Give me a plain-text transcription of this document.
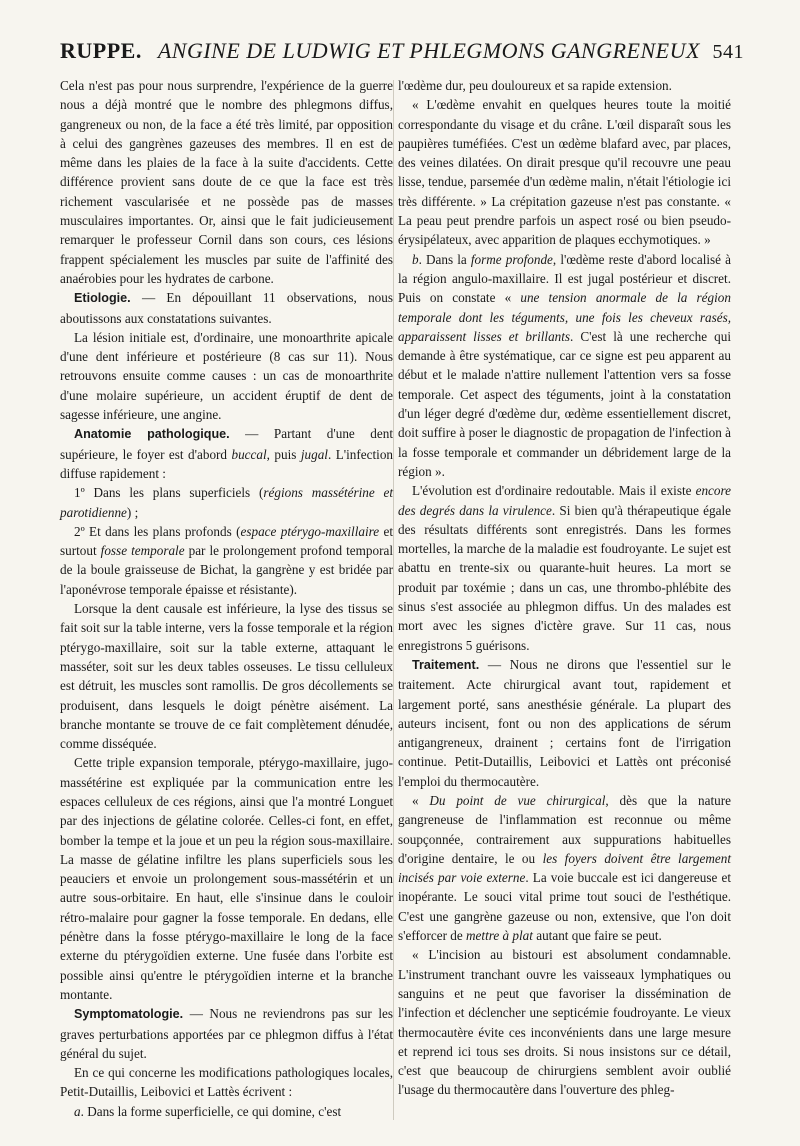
RUPPE.
ANGINE DE LUDWIG ET PHLEGMONS GANGRENEUX 541

Cela n'est pas pour nous surprendre, l'expérience de la guerre nous a déjà montré que le nombre des phlegmons diffus, gangreneux ou non, de la face a été très limité, par opposition à celui des gangrènes gazeuses des membres. Il en est de même dans les plaies de la face à la suite d'accidents. Cette différence provient sans doute de ce que la face est très richement vascularisée et ne possède pas de masses musculaires importantes. Or, ainsi que le fait judicieusement remarquer le professeur Cornil dans son cours, ces lésions frappent spécialement les muscles par suite de l'affinité des anaérobies pour les hydrates de carbone.

Etiologie. — En dépouillant 11 observations, nous aboutissons aux constatations suivantes.

La lésion initiale est, d'ordinaire, une monoarthrite apicale d'une dent inférieure et postérieure (8 cas sur 11). Nous retrouvons ensuite comme causes : un cas de monoarthrite d'une molaire supérieure, un accident éruptif de dent de sagesse inférieure, une angine.

Anatomie pathologique. — Partant d'une dent supérieure, le foyer est d'abord buccal, puis jugal. L'infection diffuse rapidement :

1º Dans les plans superficiels (régions massétérine et parotidienne) ;

2º Et dans les plans profonds (espace ptérygo-maxillaire et surtout fosse temporale par le prolongement profond temporal de la boule graisseuse de Bichat, la gangrène y est bridée par l'aponévrose temporale épaisse et résistante).

Lorsque la dent causale est inférieure, la lyse des tissus se fait soit sur la table interne, vers la fosse temporale et la région ptérygo-maxillaire, soit sur la table externe, attaquant le masséter, soit sur les deux tables osseuses. Le tissu celluleux est détruit, les muscles sont ramollis. De gros décollements se produisent, dans lesquels le doigt pénètre aisément. La branche montante se trouve de ce fait complètement dénudée, comme disséquée.

Cette triple expansion temporale, ptérygo-maxillaire, jugo-massétérine est expliquée par la communication entre les espaces celluleux de ces régions, ainsi que l'a montré Longuet par des injections de gélatine colorée. Celles-ci font, en effet, bomber la tempe et la joue et un peu la région sous-maxillaire. La masse de gélatine infiltre les plans superficiels sous les peauciers et envoie un prolongement sous-massétérin et un autre sous-orbitaire. En haut, elle s'insinue dans le couloir rétro-malaire pour gagner la fosse temporale. En dedans, elle pénètre dans la fosse ptérygo-maxillaire le long de la face externe du ptérygoïdien externe. Une fusée dans l'orbite est possible ainsi qu'entre le ptérygoïdien interne et la branche montante.

Symptomatologie. — Nous ne reviendrons pas sur les graves perturbations apportées par ce phlegmon diffus à l'état général du sujet.

En ce qui concerne les modifications pathologiques locales, Petit-Dutaillis, Leibovici et Lattès écrivent :

a. Dans la forme superficielle, ce qui domine, c'est

l'œdème dur, peu douloureux et sa rapide extension.

« L'œdème envahit en quelques heures toute la moitié correspondante du visage et du crâne. L'œil disparaît sous les paupières tuméfiées. C'est un œdème blafard avec, par places, des veines dilatées. On dirait presque qu'il recouvre une peau lisse, tendue, parsemée d'un œdème malin, n'était l'étiologie ici très différente. » La crépitation gazeuse n'est pas constante. « La peau peut prendre parfois un aspect rosé ou bien pseudo-érysipélateux, avec apparition de plaques ecchymotiques. »

b. Dans la forme profonde, l'œdème reste d'abord localisé à la région angulo-maxillaire. Il est jugal postérieur et discret. Puis on constate « une tension anormale de la région temporale dont les téguments, une fois les cheveux rasés, apparaissent lisses et brillants. C'est là une recherche qui demande à être systématique, car ce signe est peu apparent au début et le malade n'attire nullement l'attention vers sa fosse temporale. Cet aspect des téguments, joint à la constatation d'un léger degré d'œdème dur, œdème essentiellement discret, doit suffire à poser le diagnostic de propagation de l'infection à la fosse temporale et commander un débridement large de la région ».

L'évolution est d'ordinaire redoutable. Mais il existe encore des degrés dans la virulence. Si bien qu'à thérapeutique égale des résultats différents sont enregistrés. Dans les formes mortelles, la marche de la maladie est foudroyante. Le sujet est abattu en trente-six ou quarante-huit heures. La mort se produit par toxémie ; dans un cas, une thrombo-phlébite des sinus s'est associée au phlegmon diffus. Un des malades est mort avec les signes d'ictère grave. Sur 11 cas, nous enregistrons 5 guérisons.

Traitement. — Nous ne dirons que l'essentiel sur le traitement. Acte chirurgical avant tout, rapidement et largement porté, sans anesthésie générale. La plupart des auteurs incisent, font ou non des applications de sérum antigangreneux, drainent ; certains font de l'irrigation continue. Petit-Dutaillis, Leibovici et Lattès ont préconisé l'emploi du thermocautère.

« Du point de vue chirurgical, dès que la nature gangreneuse de l'inflammation est reconnue ou même soupçonnée, contrairement aux suppurations habituelles d'origine dentaire, le ou les foyers doivent être largement incisés par voie externe. La voie buccale est ici dangereuse et inopérante. Le souci vital prime tout souci de l'esthétique. C'est une gangrène gazeuse ou non, extensive, que l'on doit s'efforcer de mettre à plat autant que faire se peut.

« L'incision au bistouri est absolument condamnable. L'instrument tranchant ouvre les vaisseaux lymphatiques ou sanguins et ne peut que favoriser la dissémination de l'infection et déclencher une septicémie foudroyante. Le vieux thermocautère évite ces inconvénients dans une large mesure et reprend ici tous ses droits. Si nous insistons sur ce détail, c'est que beaucoup de chirurgiens semblent avoir oublié l'usage du thermocautère dans l'ouverture des phleg-
